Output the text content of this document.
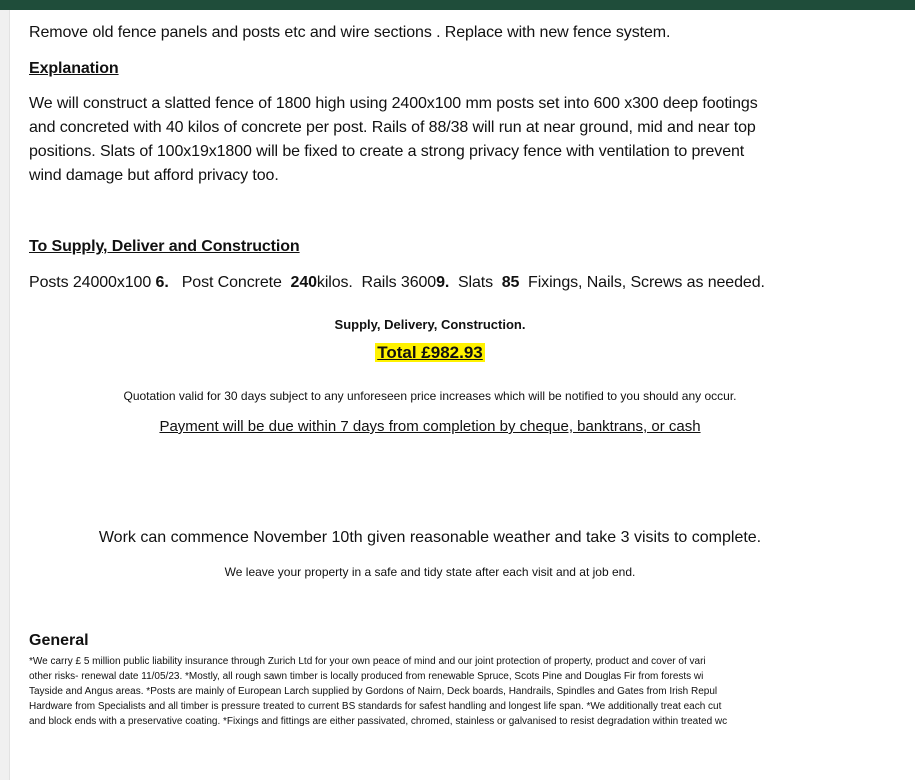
Remove old fence panels and posts etc and wire sections . Replace with new fence system.
Explanation
We will construct a slatted fence of 1800 high using 2400x100 mm posts set into 600 x300 deep footings
and concreted with 40 kilos of concrete per post. Rails of 88/38 will run at near ground, mid and near top
positions. Slats of 100x19x1800 will be fixed to create a strong privacy fence with ventilation to prevent
wind damage but afford privacy too.
To Supply, Deliver and Construction
Posts 24000x100 6. Post Concrete 240kilos. Rails 36009. Slats 85 Fixings, Nails, Screws as needed.
Supply, Delivery, Construction.
Total £982.93
Quotation valid for 30 days subject to any unforeseen price increases which will be notified to you should any occur.
Payment will be due within 7 days from completion by cheque, banktrans, or cash
Work can commence November 10th given reasonable weather and take 3 visits to complete.
We leave your property in a safe and tidy state after each visit and at job end.
General
*We carry £ 5 million public liability insurance through Zurich Ltd for your own peace of mind and our joint protection of property, product and cover of vari
other risks- renewal date 11/05/23. *Mostly, all rough sawn timber is locally produced from renewable Spruce, Scots Pine and Douglas Fir from forests wi
Tayside and Angus areas. *Posts are mainly of European Larch supplied by Gordons of Nairn, Deck boards, Handrails, Spindles and Gates from Irish Repul
Hardware from Specialists and all timber is pressure treated to current BS standards for safest handling and longest life span. *We additionally treat each cut
and block ends with a preservative coating. *Fixings and fittings are either passivated, chromed, stainless or galvanised to resist degradation within treated wc
